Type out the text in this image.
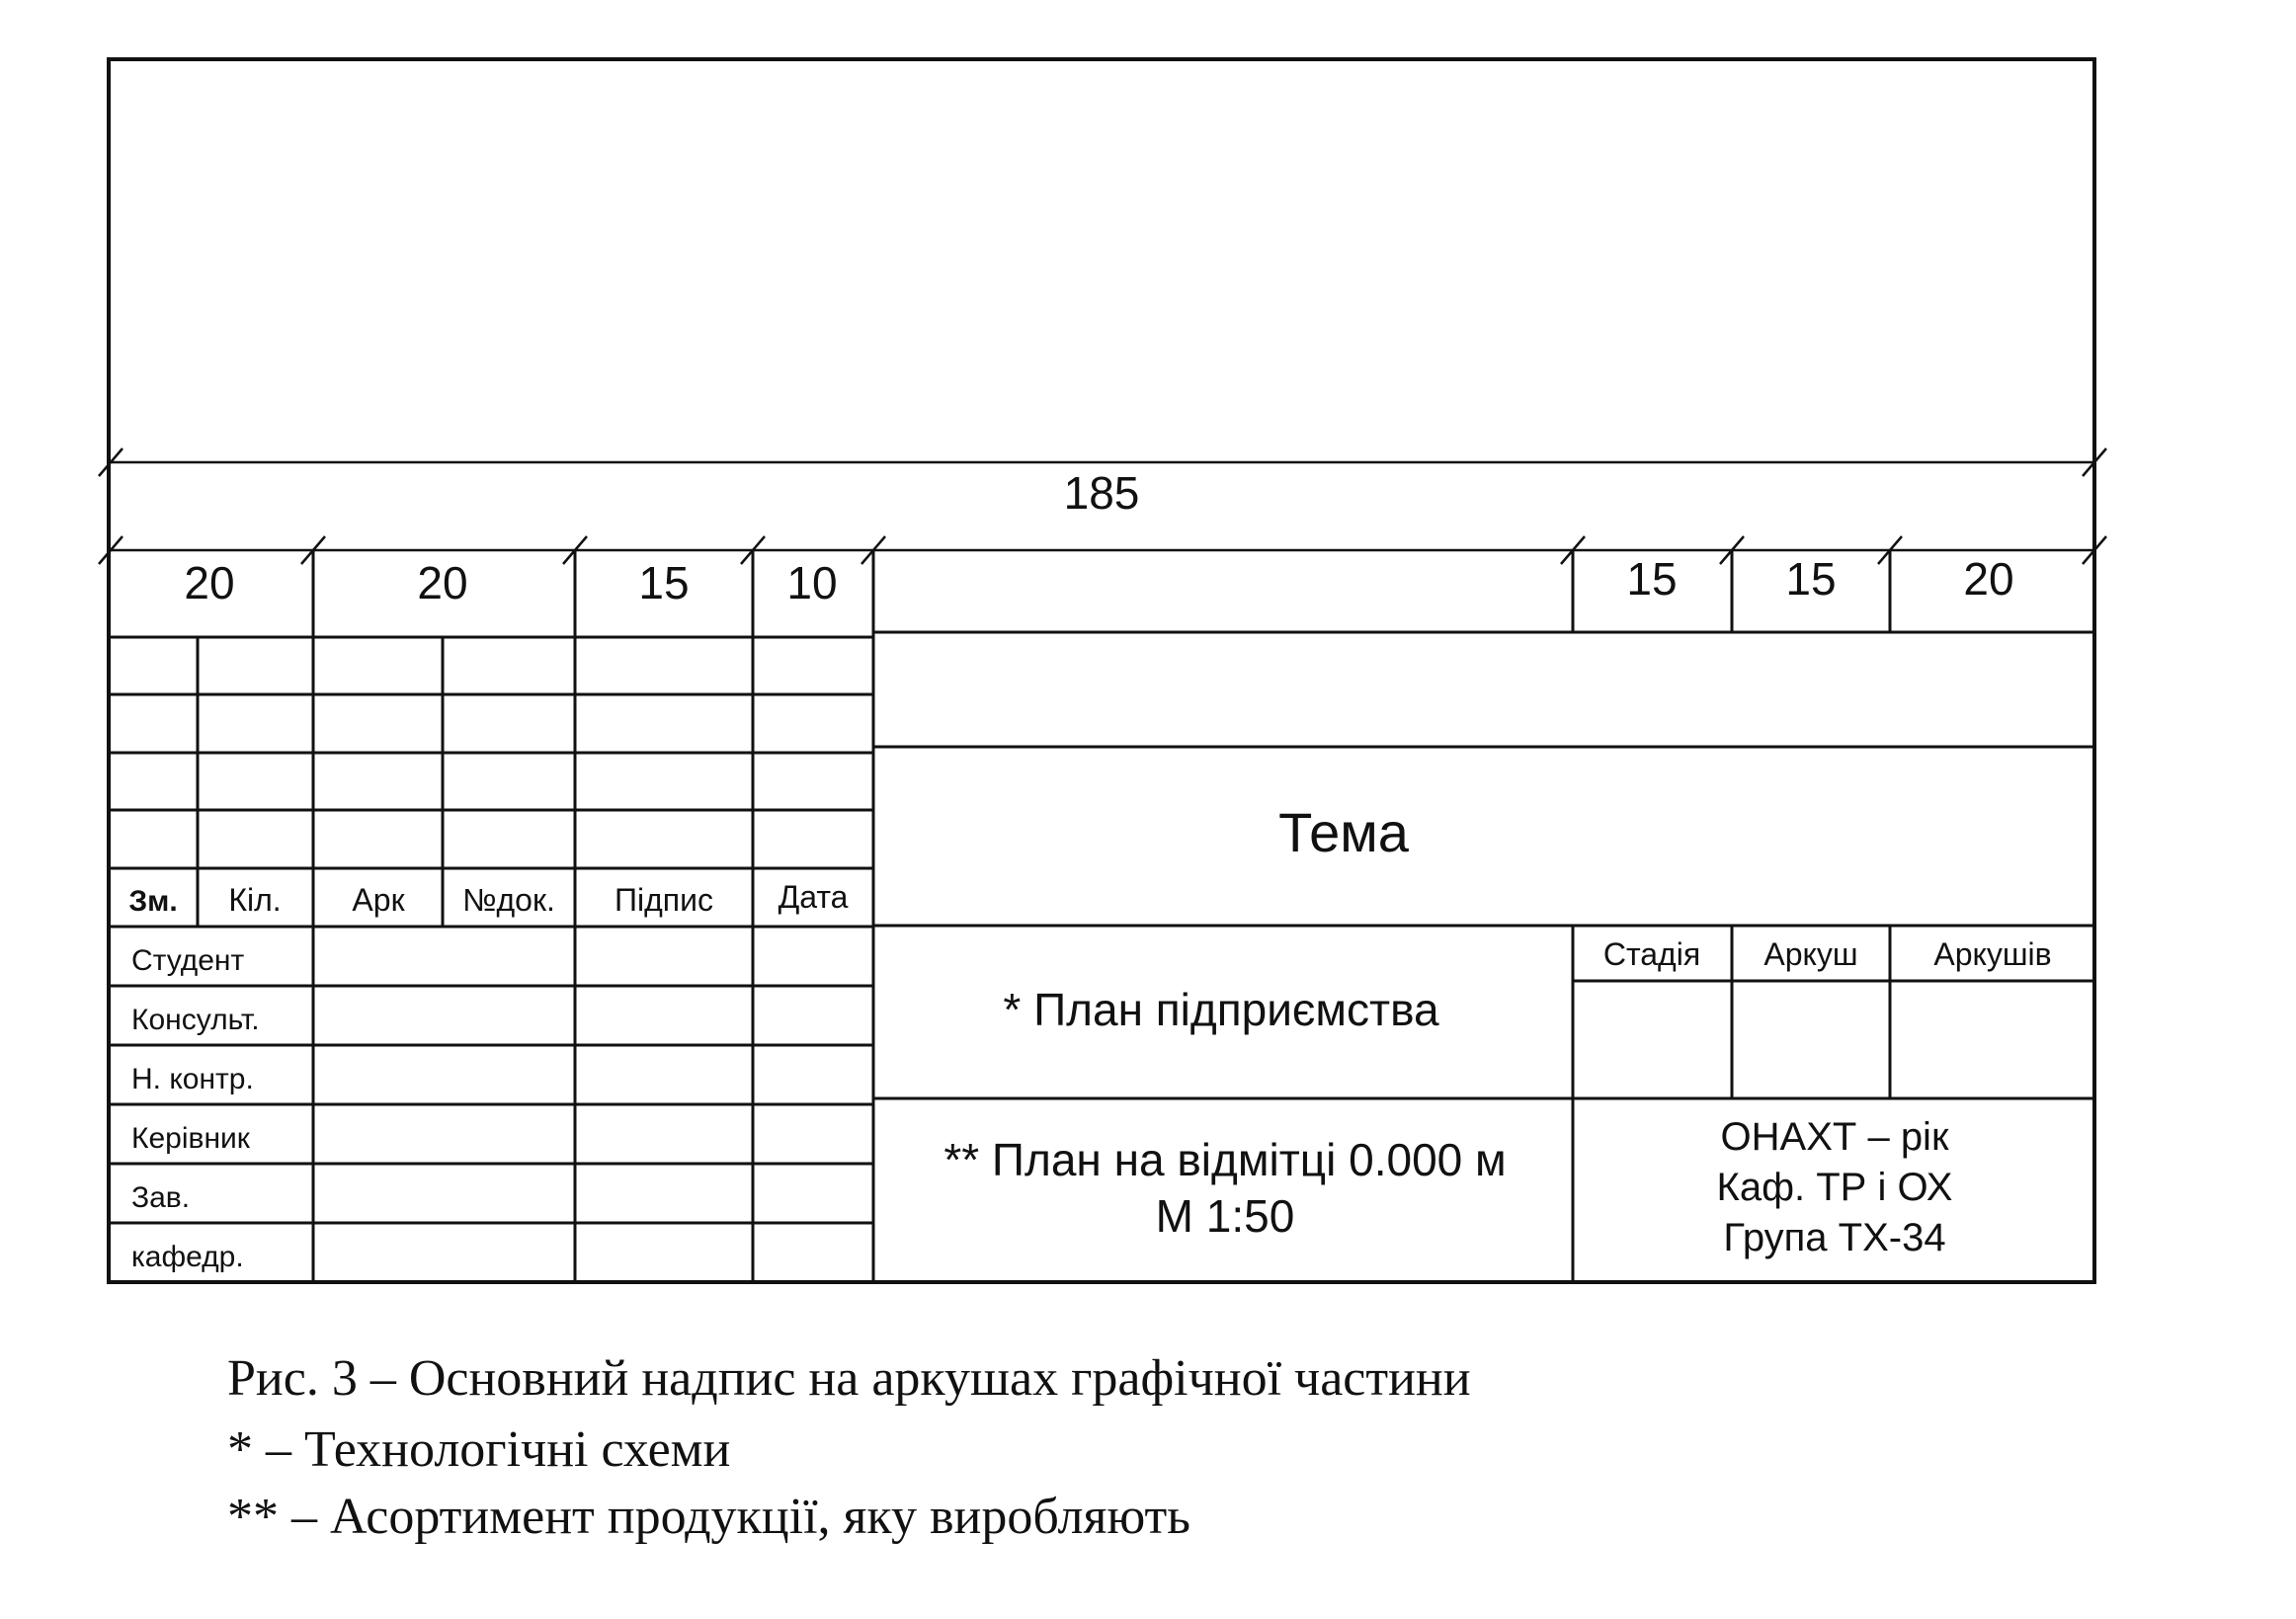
185
20	20	15 10	15 15	20
Зм. Кіл. Арк №док. Підпис Дата
Студент
Консульт.
Н. контр.
Керівник
Зав.
кафедр.
Тема
* План підприємства
** План на відмітці 0.000 м
М 1:50
Стадія Аркуш Аркушів
ОНАХТ – рік
Каф. ТР і ОХ
Група ТХ-34
Рис. 3 – Основний надпис на аркушах графічної частини
* – Технологічні схеми
** – Асортимент продукції, яку виробляють
